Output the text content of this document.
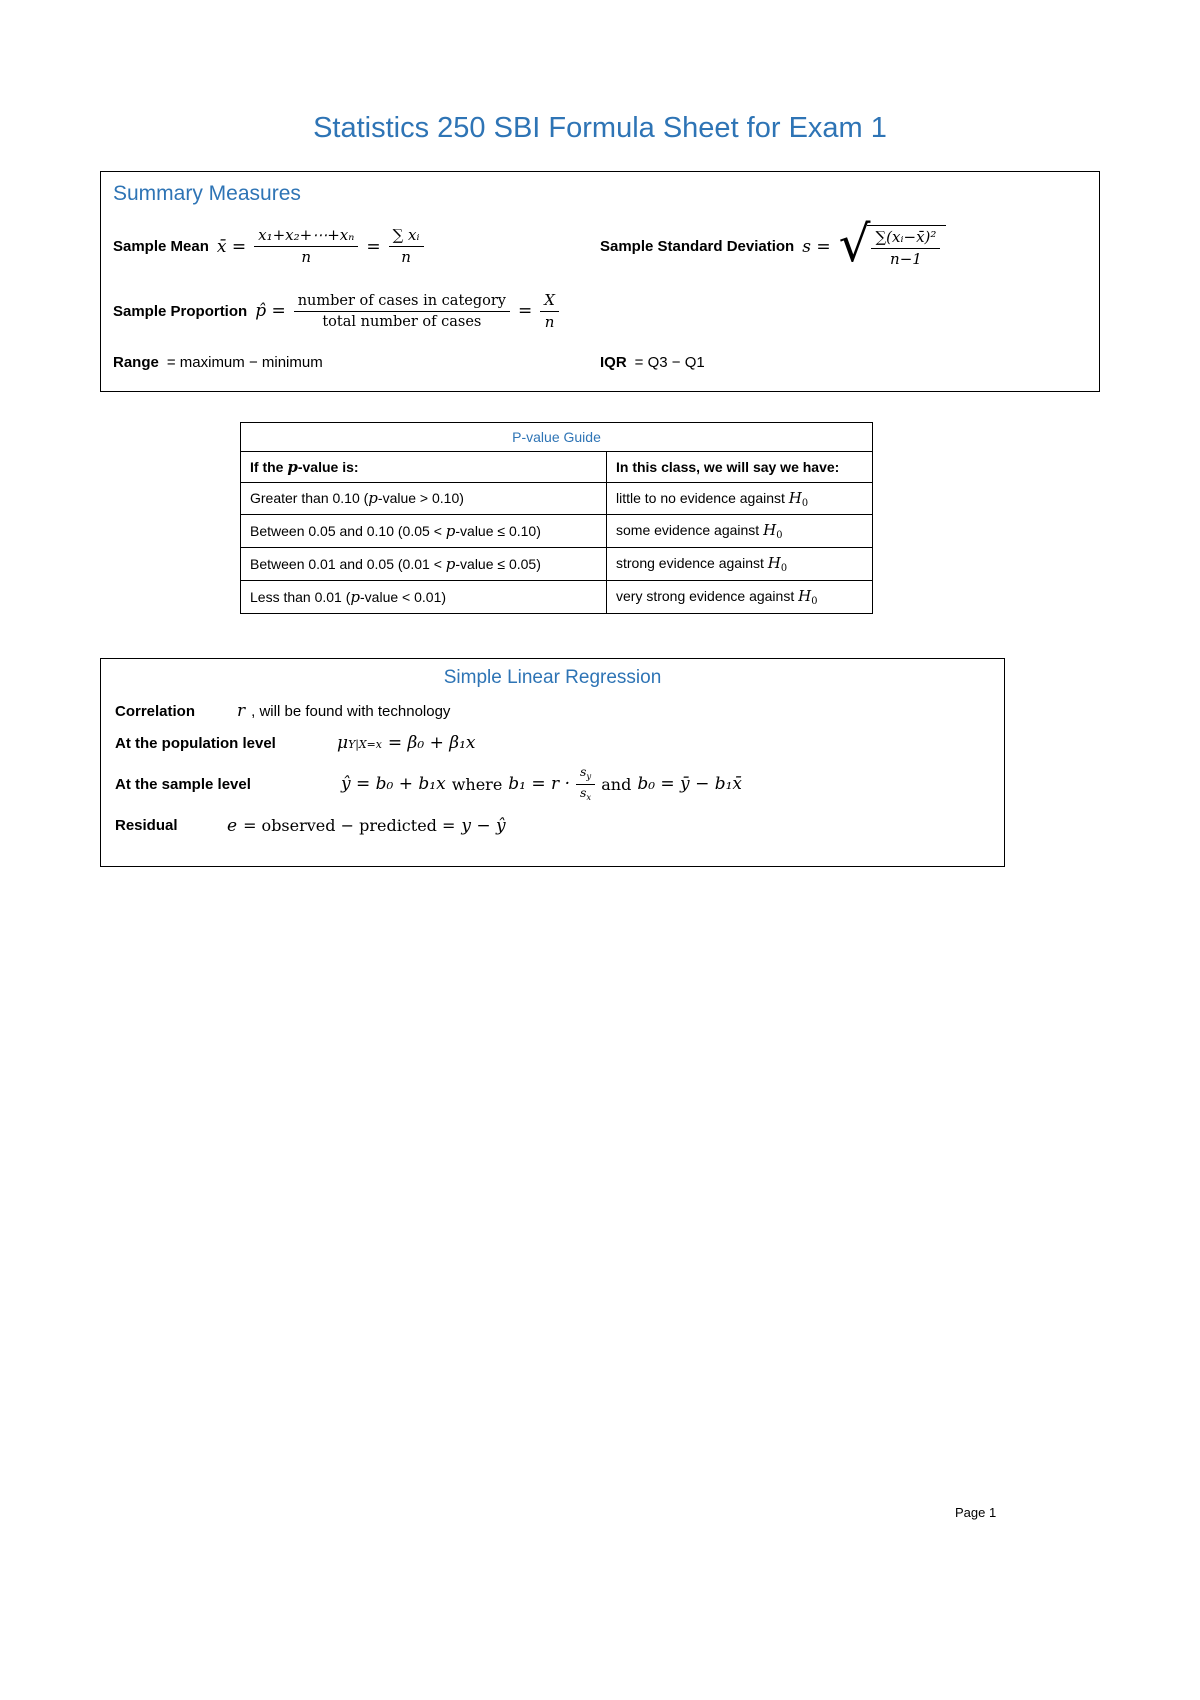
Statistics 250 SBI Formula Sheet for Exam 1
Summary Measures
Sample Mean x̄ = $\frac{\text{x₁+x₂+⋯+xₙ}}{n} = \frac{\text{∑ xᵢ}}{n}$	Sample Standard Deviation s = √ $\frac{\text{∑(xᵢ−x̄)²}}{n-1}$
Sample Proportion p̂ = $\frac{\text{number of cases in category}}{\text{total number of cases}} = \frac{X}{n}$
Range = maximum − minimum	IQR = Q3 − Q1
P-value Guide	
If the p-value is:	In this class, we will say we have:
Greater than 0.10 (p-value > 0.10)	little to no evidence against $H_0$
Between 0.05 and 0.10 (0.05 < p-value ≤ 0.10)	some evidence against $H_0$
Between 0.01 and 0.05 (0.01 < p-value ≤ 0.05)	strong evidence against $H_0$
Less than 0.01 (p-value < 0.01)	very strong evidence against $H_0$
Simple Linear Regression
Correlation	r , will be found with technology
At the population level	μ Y|X=x = β₀ + β₁x
At the sample level	ŷ = b₀ + b₁x where $b_1 = r \cdot \frac{s_y}{s_x}$ and b₀ = ȳ − b₁x̄
Residual	e = observed − predicted = y − ŷ
Page 1
